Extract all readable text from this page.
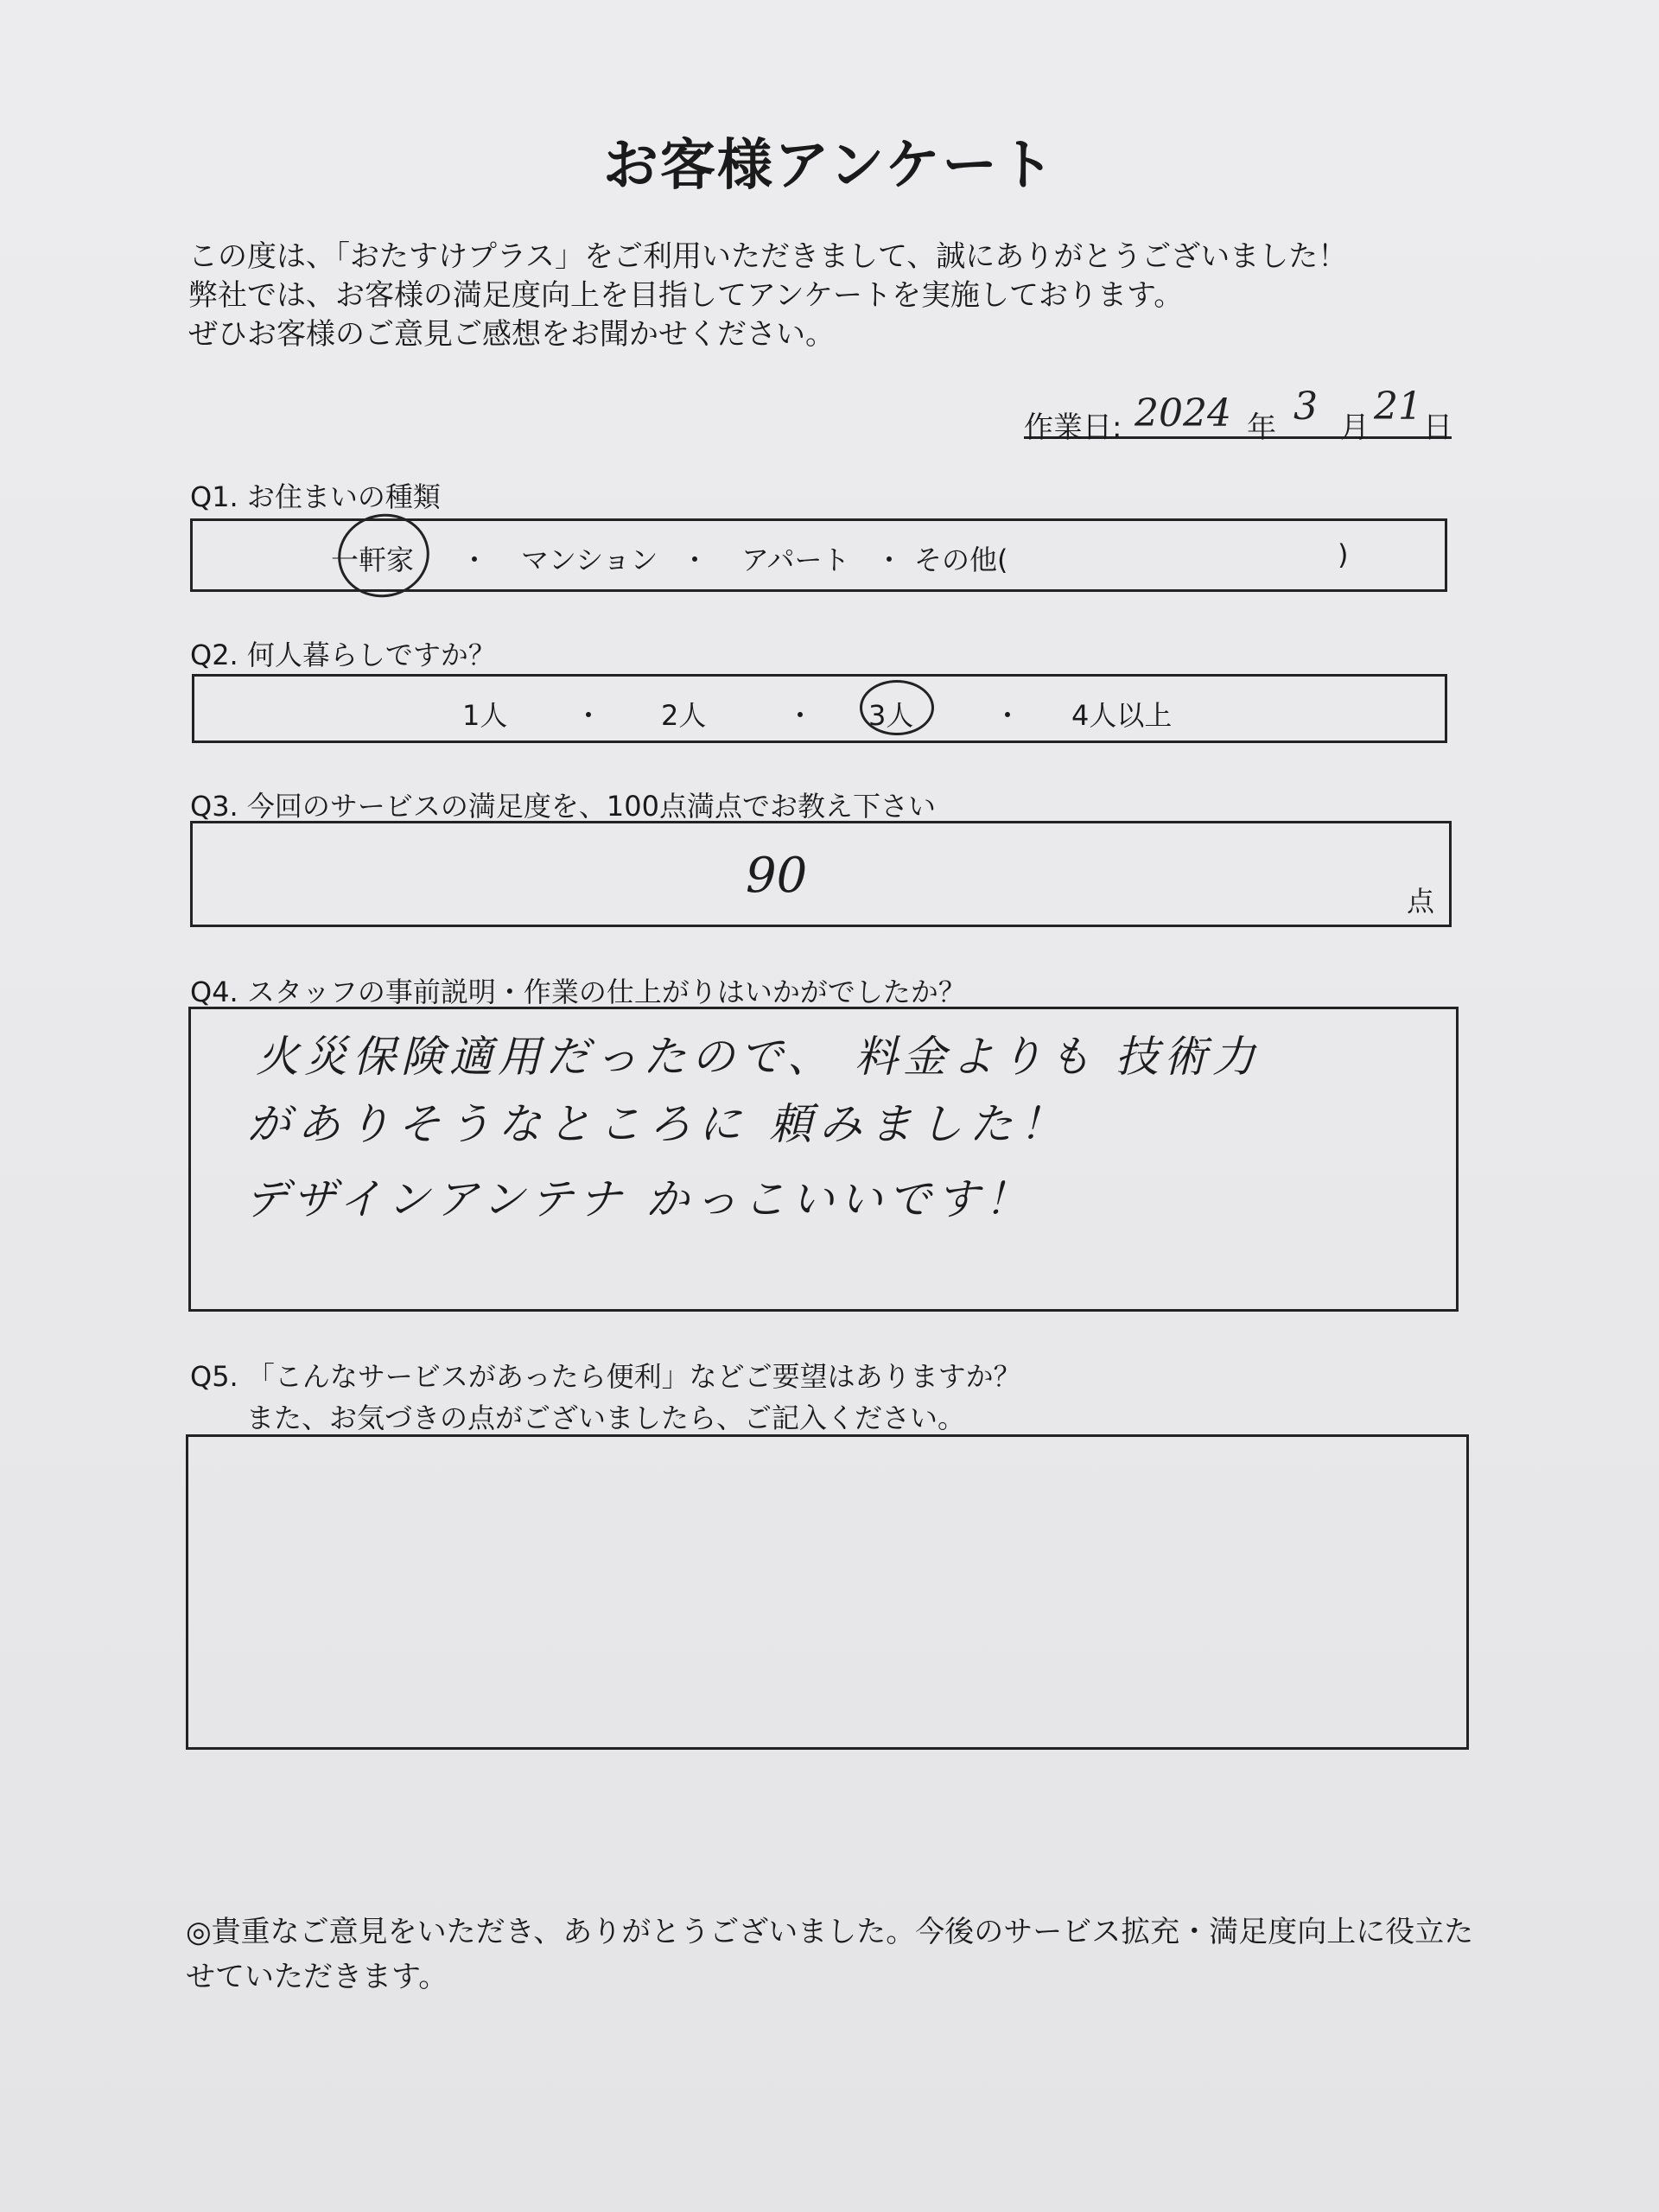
お客様アンケート
この度は、「おたすけプラス」をご利用いただきまして、誠にありがとうございました！
弊社では、お客様の満足度向上を目指してアンケートを実施しております。
ぜひお客様のご意見ご感想をお聞かせください。
作業日: 2024 年 3 月 21 日
Q1. お住まいの種類
一軒家 ・ マンション ・ アパート ・ その他(	)
Q2. 何人暮らしですか？
1人 ・ 2人	・ 3人	・ 4人以上
Q3. 今回のサービスの満足度を、100点満点でお教え下さい
90	点
Q4. スタッフの事前説明・作業の仕上がりはいかがでしたか？
火災保険適用だったので、 料金よりも 技術力
がありそうなところに 頼みました！
デザインアンテナ かっこいいです！
Q5. 「こんなサービスがあったら便利」などご要望はありますか？
また、お気づきの点がございましたら、ご記入ください。
◎貴重なご意見をいただき、ありがとうございました。今後のサービス拡充・満足度向上に役立た
せていただきます。
